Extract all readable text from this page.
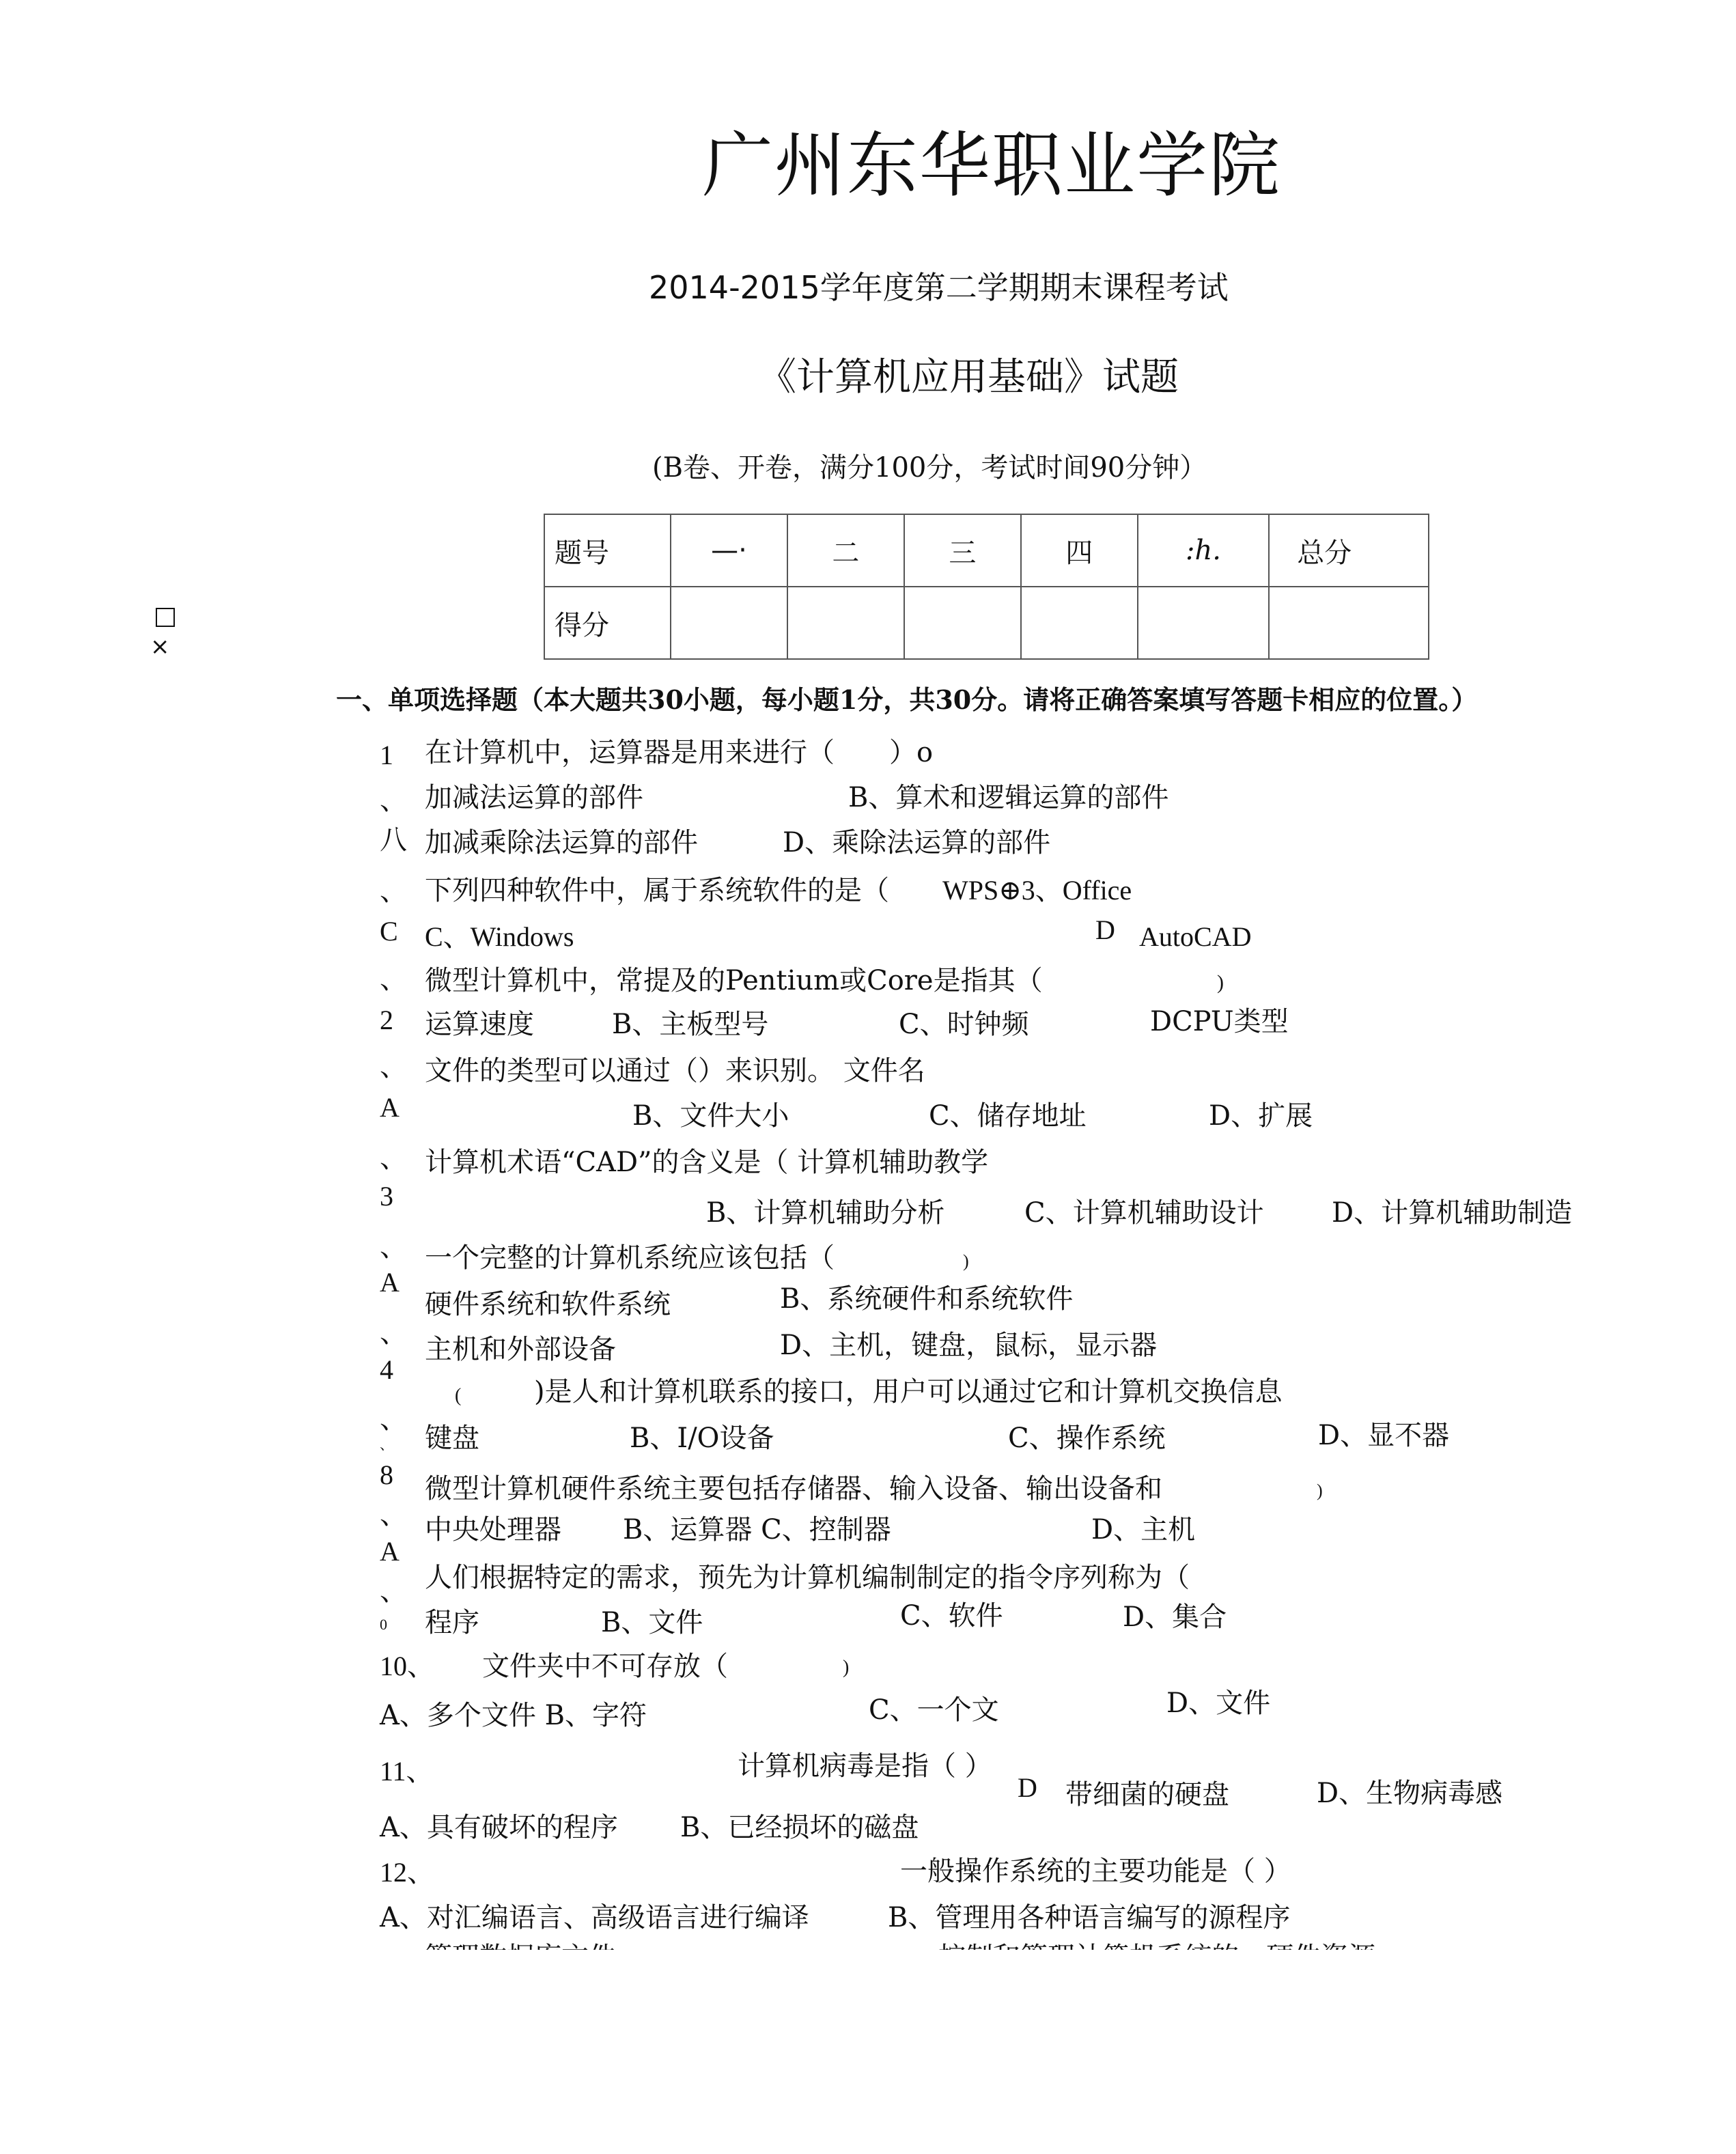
广州东华职业学院
2014-2015学年度第二学期期末课程考试
《计算机应用基础》试题
(B卷、开卷，满分100分，考试时间90分钟）
题号	—·	二	三	四	:h.	总分
得分						
×
一、单项选择题（本大题共30小题，每小题1分，共30分。请将正确答案填写答题卡相应的位置。）
1
、
八
、
C
、
2
、
A
、
3
、
A
、
4
、
、
8
、
A
、
0
在计算机中，运算器是用来进行（　　）o
加减法运算的部件	B、算术和逻辑运算的部件
加减乘除法运算的部件	D、乘除法运算的部件
下列四种软件中，属于系统软件的是（ WPS⊕3、Office
C、Windows	D AutoCAD
微型计算机中，常提及的Pentium或Core是指其（	)
运算速度	B、主板型号	C、时钟频	DCPU类型
文件的类型可以通过（）来识别。 文件名
B、文件大小	C、储存地址	D、扩展
计算机术语“CAD”的含义是（ 计算机辅助教学
B、计算机辅助分析	C、计算机辅助设计 D、计算机辅助制造
一个完整的计算机系统应该包括（	)
硬件系统和软件系统	B、系统硬件和系统软件
主机和外部设备	D、主机，键盘，鼠标，显示器
(	)是人和计算机联系的接口，用户可以通过它和计算机交换信息
键盘	B、I/O设备	C、操作系统	D、显不器
微型计算机硬件系统主要包括存储器、输入设备、输出设备和	)
中央处理器 B、运算器 C、控制器	D、主机
人们根据特定的需求，预先为计算机编制制定的指令序列称为（
程序	B、文件	C、软件	D、集合
10、 文件夹中不可存放（	)
A、多个文件 B、字符	C、一个文	D、文件
11、	计算机病毒是指（ ）
D 带细菌的硬盘	D、生物病毒感
A、具有破坏的程序 B、已经损坏的磁盘
12、	一般操作系统的主要功能是（ ）
A、对汇编语言、高级语言进行编译	B、管理用各种语言编写的源程序
